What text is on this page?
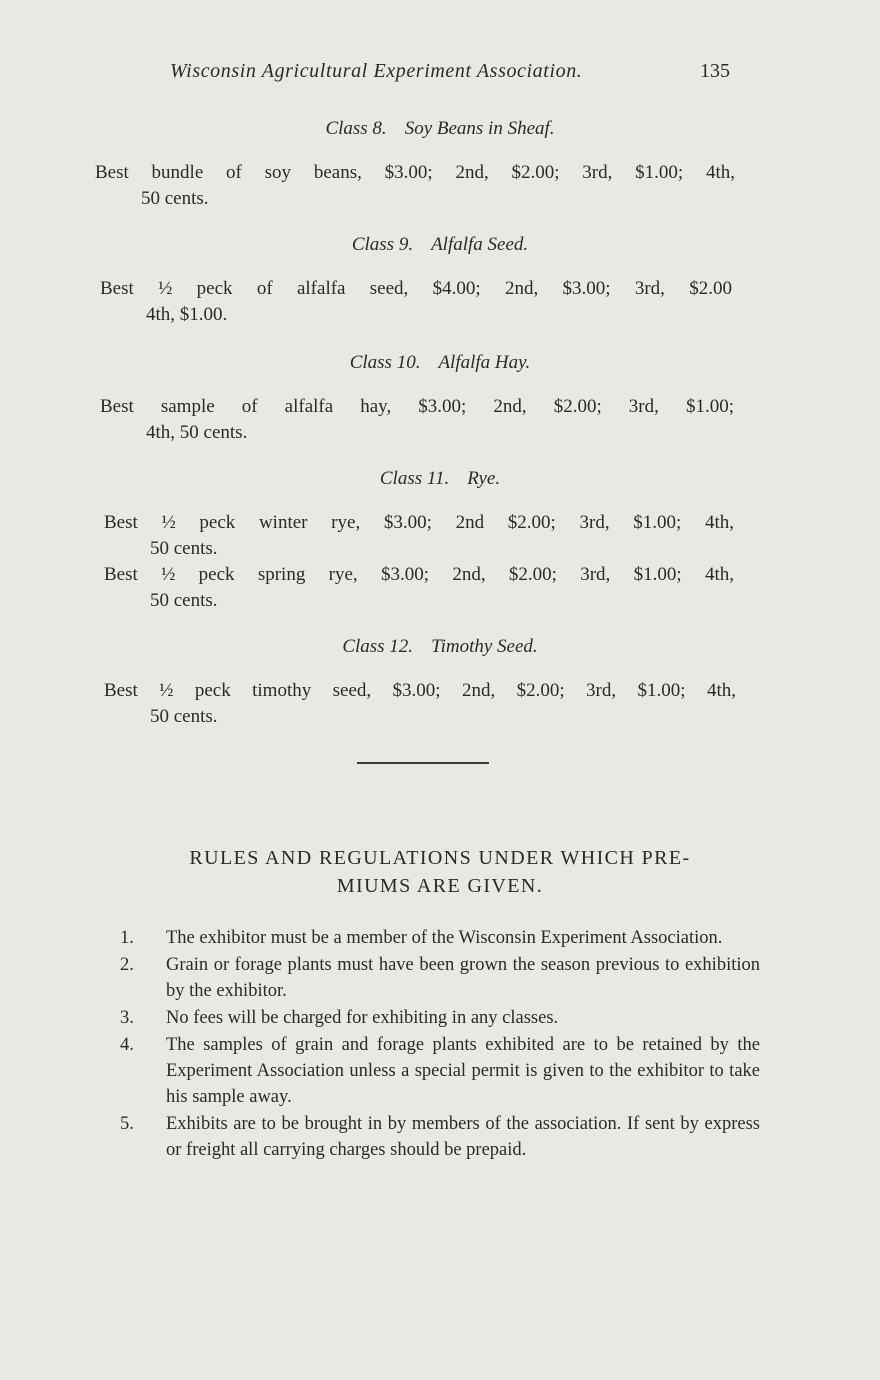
Wisconsin Agricultural Experiment Association.	135
Class 8. Soy Beans in Sheaf.
Best bundle of soy beans, $3.00; 2nd, $2.00; 3rd, $1.00; 4th,
50 cents.
Class 9. Alfalfa Seed.
Best ½ peck of alfalfa seed, $4.00; 2nd, $3.00; 3rd, $2.00
4th, $1.00.
Class 10. Alfalfa Hay.
Best sample of alfalfa hay, $3.00; 2nd, $2.00; 3rd, $1.00;
4th, 50 cents.
Class 11. Rye.
Best ½ peck winter rye, $3.00; 2nd $2.00; 3rd, $1.00; 4th,
50 cents.
Best ½ peck spring rye, $3.00; 2nd, $2.00; 3rd, $1.00; 4th,
50 cents.
Class 12. Timothy Seed.
Best ½ peck timothy seed, $3.00; 2nd, $2.00; 3rd, $1.00; 4th,
50 cents.
RULES AND REGULATIONS UNDER WHICH PRE-
MIUMS ARE GIVEN.
1. The exhibitor must be a member of the Wisconsin Experiment Association.
2. Grain or forage plants must have been grown the season previous to exhibition by the exhibitor.
3. No fees will be charged for exhibiting in any classes.
4. The samples of grain and forage plants exhibited are to be retained by the Experiment Association unless a special permit is given to the exhibitor to take his sample away.
5. Exhibits are to be brought in by members of the association. If sent by express or freight all carrying charges should be prepaid.
